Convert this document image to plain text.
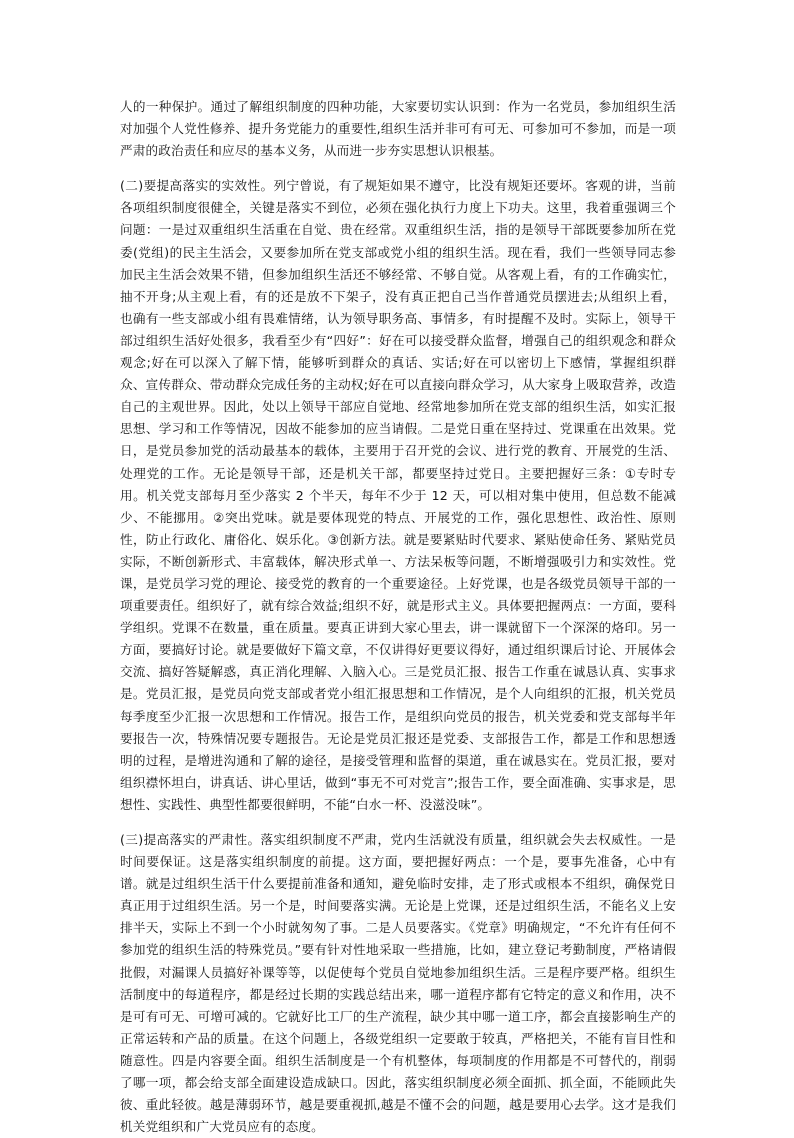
人的一种保护。通过了解组织制度的四种功能，大家要切实认识到：作为一名党员，参加组织生活对加强个人党性修养、提升务党能力的重要性,组织生活并非可有可无、可参加可不参加，而是一项严肃的政治责任和应尽的基本义务，从而进一步夯实思想认识根基。

(二)要提高落实的实效性。列宁曾说，有了规矩如果不遵守，比没有规矩还要坏。客观的讲，当前各项组织制度很健全，关键是落实不到位，必须在强化执行力度上下功夫。这里，我着重强调三个问题：一是过双重组织生活重在自觉、贵在经常。双重组织生活，指的是领导干部既要参加所在党委(党组)的民主生活会，又要参加所在党支部或党小组的组织生活。现在看，我们一些领导同志参加民主生活会效果不错，但参加组织生活还不够经常、不够自觉。从客观上看，有的工作确实忙，抽不开身;从主观上看，有的还是放不下架子，没有真正把自己当作普通党员摆进去;从组织上看，也确有一些支部或小组有畏难情绪，认为领导职务高、事情多，有时提醒不及时。实际上，领导干部过组织生活好处很多，我看至少有“四好”：好在可以接受群众监督，增强自己的组织观念和群众观念;好在可以深入了解下情，能够听到群众的真话、实话;好在可以密切上下感情，掌握组织群众、宣传群众、带动群众完成任务的主动权;好在可以直接向群众学习，从大家身上吸取营养，改造自己的主观世界。因此，处以上领导干部应自觉地、经常地参加所在党支部的组织生活，如实汇报思想、学习和工作等情况，因故不能参加的应当请假。二是党日重在坚持过、党课重在出效果。党日，是党员参加党的活动最基本的载体，主要用于召开党的会议、进行党的教育、开展党的生活、处理党的工作。无论是领导干部，还是机关干部，都要坚持过党日。主要把握好三条：①专时专用。机关党支部每月至少落实 2 个半天，每年不少于 12 天，可以相对集中使用，但总数不能减少、不能挪用。②突出党味。就是要体现党的特点、开展党的工作，强化思想性、政治性、原则性，防止行政化、庸俗化、娱乐化。③创新方法。就是要紧贴时代要求、紧贴使命任务、紧贴党员实际，不断创新形式、丰富载体，解决形式单一、方法呆板等问题，不断增强吸引力和实效性。党课，是党员学习党的理论、接受党的教育的一个重要途径。上好党课，也是各级党员领导干部的一项重要责任。组织好了，就有综合效益;组织不好，就是形式主义。具体要把握两点：一方面，要科学组织。党课不在数量，重在质量。要真正讲到大家心里去，讲一课就留下一个深深的烙印。另一方面，要搞好讨论。就是要做好下篇文章，不仅讲得好更要议得好，通过组织课后讨论、开展体会交流、搞好答疑解惑，真正消化理解、入脑入心。三是党员汇报、报告工作重在诚恳认真、实事求是。党员汇报，是党员向党支部或者党小组汇报思想和工作情况，是个人向组织的汇报，机关党员每季度至少汇报一次思想和工作情况。报告工作，是组织向党员的报告，机关党委和党支部每半年要报告一次，特殊情况要专题报告。无论是党员汇报还是党委、支部报告工作，都是工作和思想透明的过程，是增进沟通和了解的途径，是接受管理和监督的渠道，重在诚恳实在。党员汇报，要对组织襟怀坦白，讲真话、讲心里话，做到“事无不可对党言”;报告工作，要全面准确、实事求是，思想性、实践性、典型性都要很鲜明，不能“白水一杯、没滋没味”。

(三)提高落实的严肃性。落实组织制度不严肃，党内生活就没有质量，组织就会失去权威性。一是时间要保证。这是落实组织制度的前提。这方面，要把握好两点：一个是，要事先准备，心中有谱。就是过组织生活干什么要提前准备和通知，避免临时安排，走了形式或根本不组织，确保党日真正用于过组织生活。另一个是，时间要落实满。无论是上党课，还是过组织生活，不能名义上安排半天，实际上不到一个小时就匆匆了事。二是人员要落实。《党章》明确规定，“不允许有任何不参加党的组织生活的特殊党员。”要有针对性地采取一些措施，比如，建立登记考勤制度，严格请假批假，对漏课人员搞好补课等等，以促使每个党员自觉地参加组织生活。三是程序要严格。组织生活制度中的每道程序，都是经过长期的实践总结出来，哪一道程序都有它特定的意义和作用，决不是可有可无、可增可减的。它就好比工厂的生产流程，缺少其中哪一道工序，都会直接影响生产的正常运转和产品的质量。在这个问题上，各级党组织一定要敢于较真，严格把关，不能有盲目性和随意性。四是内容要全面。组织生活制度是一个有机整体，每项制度的作用都是不可替代的，削弱了哪一项，都会给支部全面建设造成缺口。因此，落实组织制度必须全面抓、抓全面，不能顾此失彼、重此轻彼。越是薄弱环节，越是要重视抓,越是不懂不会的问题，越是要用心去学。这才是我们机关党组织和广大党员应有的态度。
